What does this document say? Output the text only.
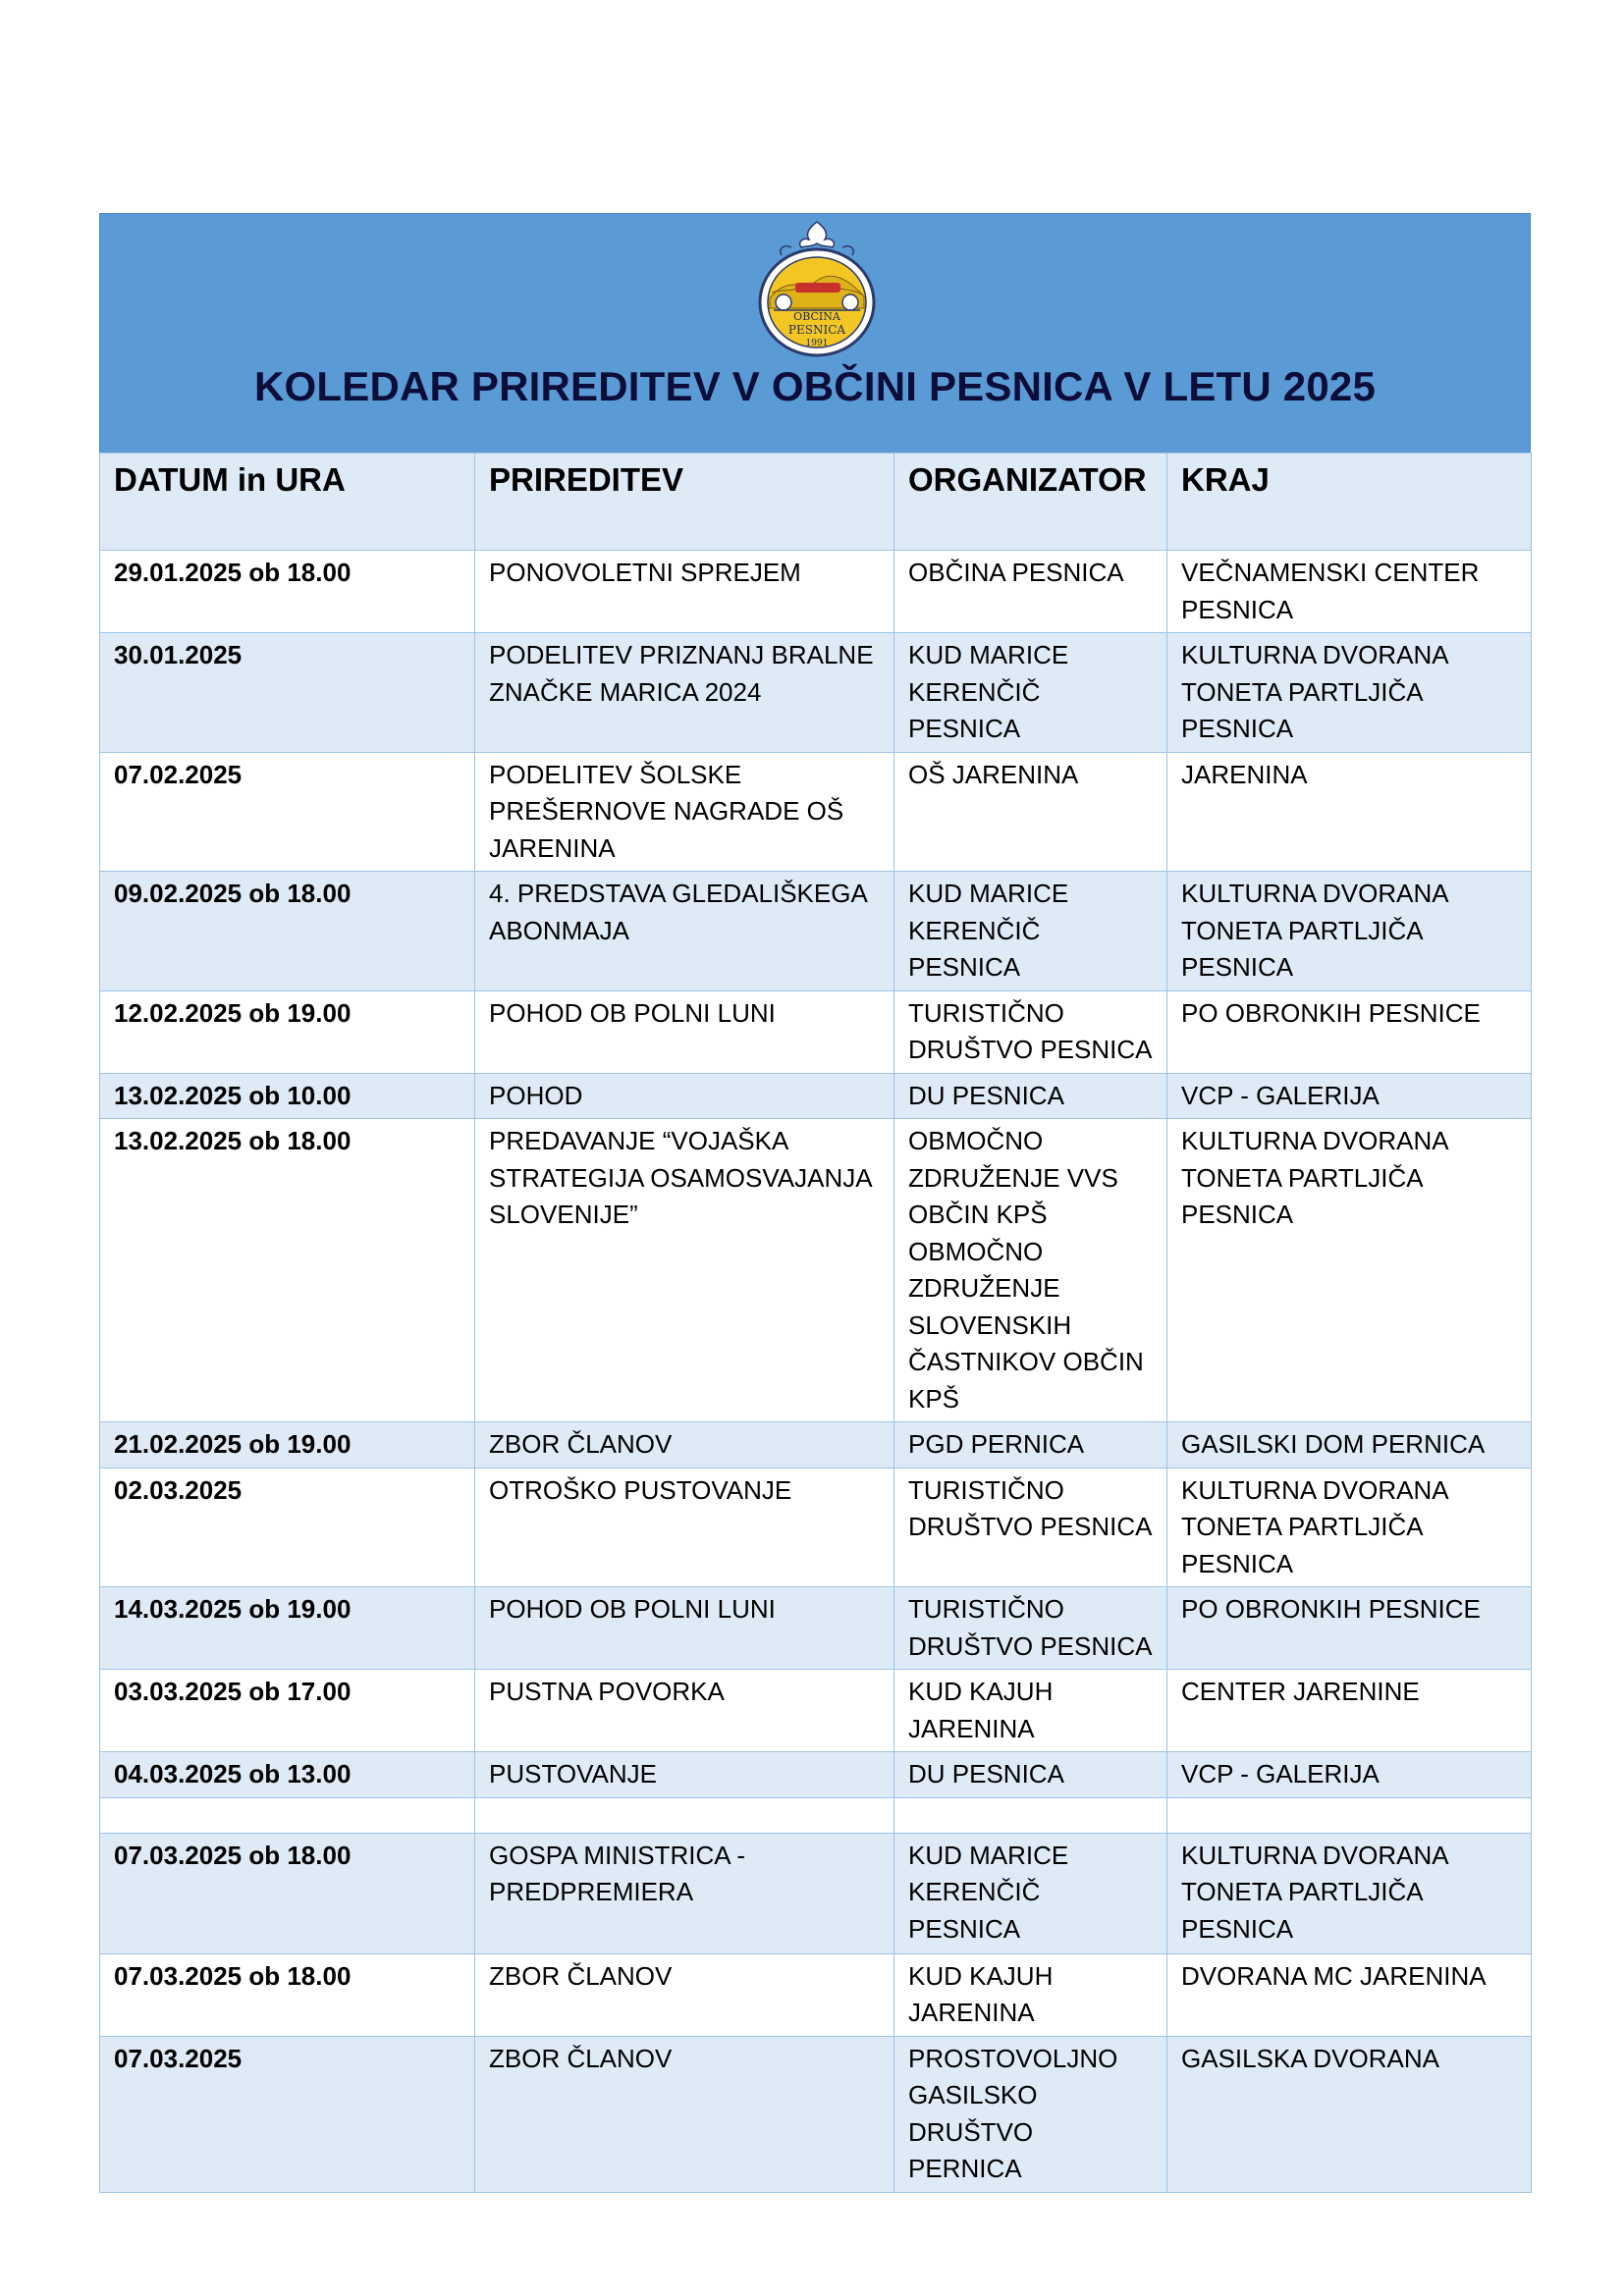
OBČINA
PESNICA
1991
KOLEDAR PRIREDITEV V OBČINI PESNICA V LETU 2025
DATUM in URA	PRIREDITEV	ORGANIZATOR	KRAJ
29.01.2025 ob 18.00	PONOVOLETNI SPREJEM	OBČINA PESNICA	VEČNAMENSKI CENTER PESNICA
30.01.2025	PODELITEV PRIZNANJ BRALNE ZNAČKE MARICA 2024	KUD MARICE KERENČIČ PESNICA	KULTURNA DVORANA TONETA PARTLJIČA PESNICA
07.02.2025	PODELITEV ŠOLSKE PREŠERNOVE NAGRADE OŠ JARENINA	OŠ JARENINA	JARENINA
09.02.2025 ob 18.00	4. PREDSTAVA GLEDALIŠKEGA ABONMAJA	KUD MARICE KERENČIČ PESNICA	KULTURNA DVORANA TONETA PARTLJIČA PESNICA
12.02.2025 ob 19.00	POHOD OB POLNI LUNI	TURISTIČNO DRUŠTVO PESNICA	PO OBRONKIH PESNICE
13.02.2025 ob 10.00	POHOD	DU PESNICA	VCP - GALERIJA
13.02.2025 ob 18.00	PREDAVANJE “VOJAŠKA STRATEGIJA OSAMOSVAJANJA SLOVENIJE”	OBMOČNO ZDRUŽENJE VVS OBČIN KPŠ OBMOČNO ZDRUŽENJE SLOVENSKIH ČASTNIKOV OBČIN KPŠ	KULTURNA DVORANA TONETA PARTLJIČA PESNICA
21.02.2025 ob 19.00	ZBOR ČLANOV	PGD PERNICA	GASILSKI DOM PERNICA
02.03.2025	OTROŠKO PUSTOVANJE	TURISTIČNO DRUŠTVO PESNICA	KULTURNA DVORANA TONETA PARTLJIČA PESNICA
14.03.2025 ob 19.00	POHOD OB POLNI LUNI	TURISTIČNO DRUŠTVO PESNICA	PO OBRONKIH PESNICE
03.03.2025 ob 17.00	PUSTNA POVORKA	KUD KAJUH JARENINA	CENTER JARENINE
04.03.2025 ob 13.00	PUSTOVANJE	DU PESNICA	VCP - GALERIJA

07.03.2025 ob 18.00	GOSPA MINISTRICA - PREDPREMIERA	KUD MARICE KERENČIČ PESNICA	KULTURNA DVORANA TONETA PARTLJIČA PESNICA
07.03.2025 ob 18.00	ZBOR ČLANOV	KUD KAJUH JARENINA	DVORANA MC JARENINA
07.03.2025	ZBOR ČLANOV	PROSTOVOLJNO GASILSKO DRUŠTVO PERNICA	GASILSKA DVORANA
